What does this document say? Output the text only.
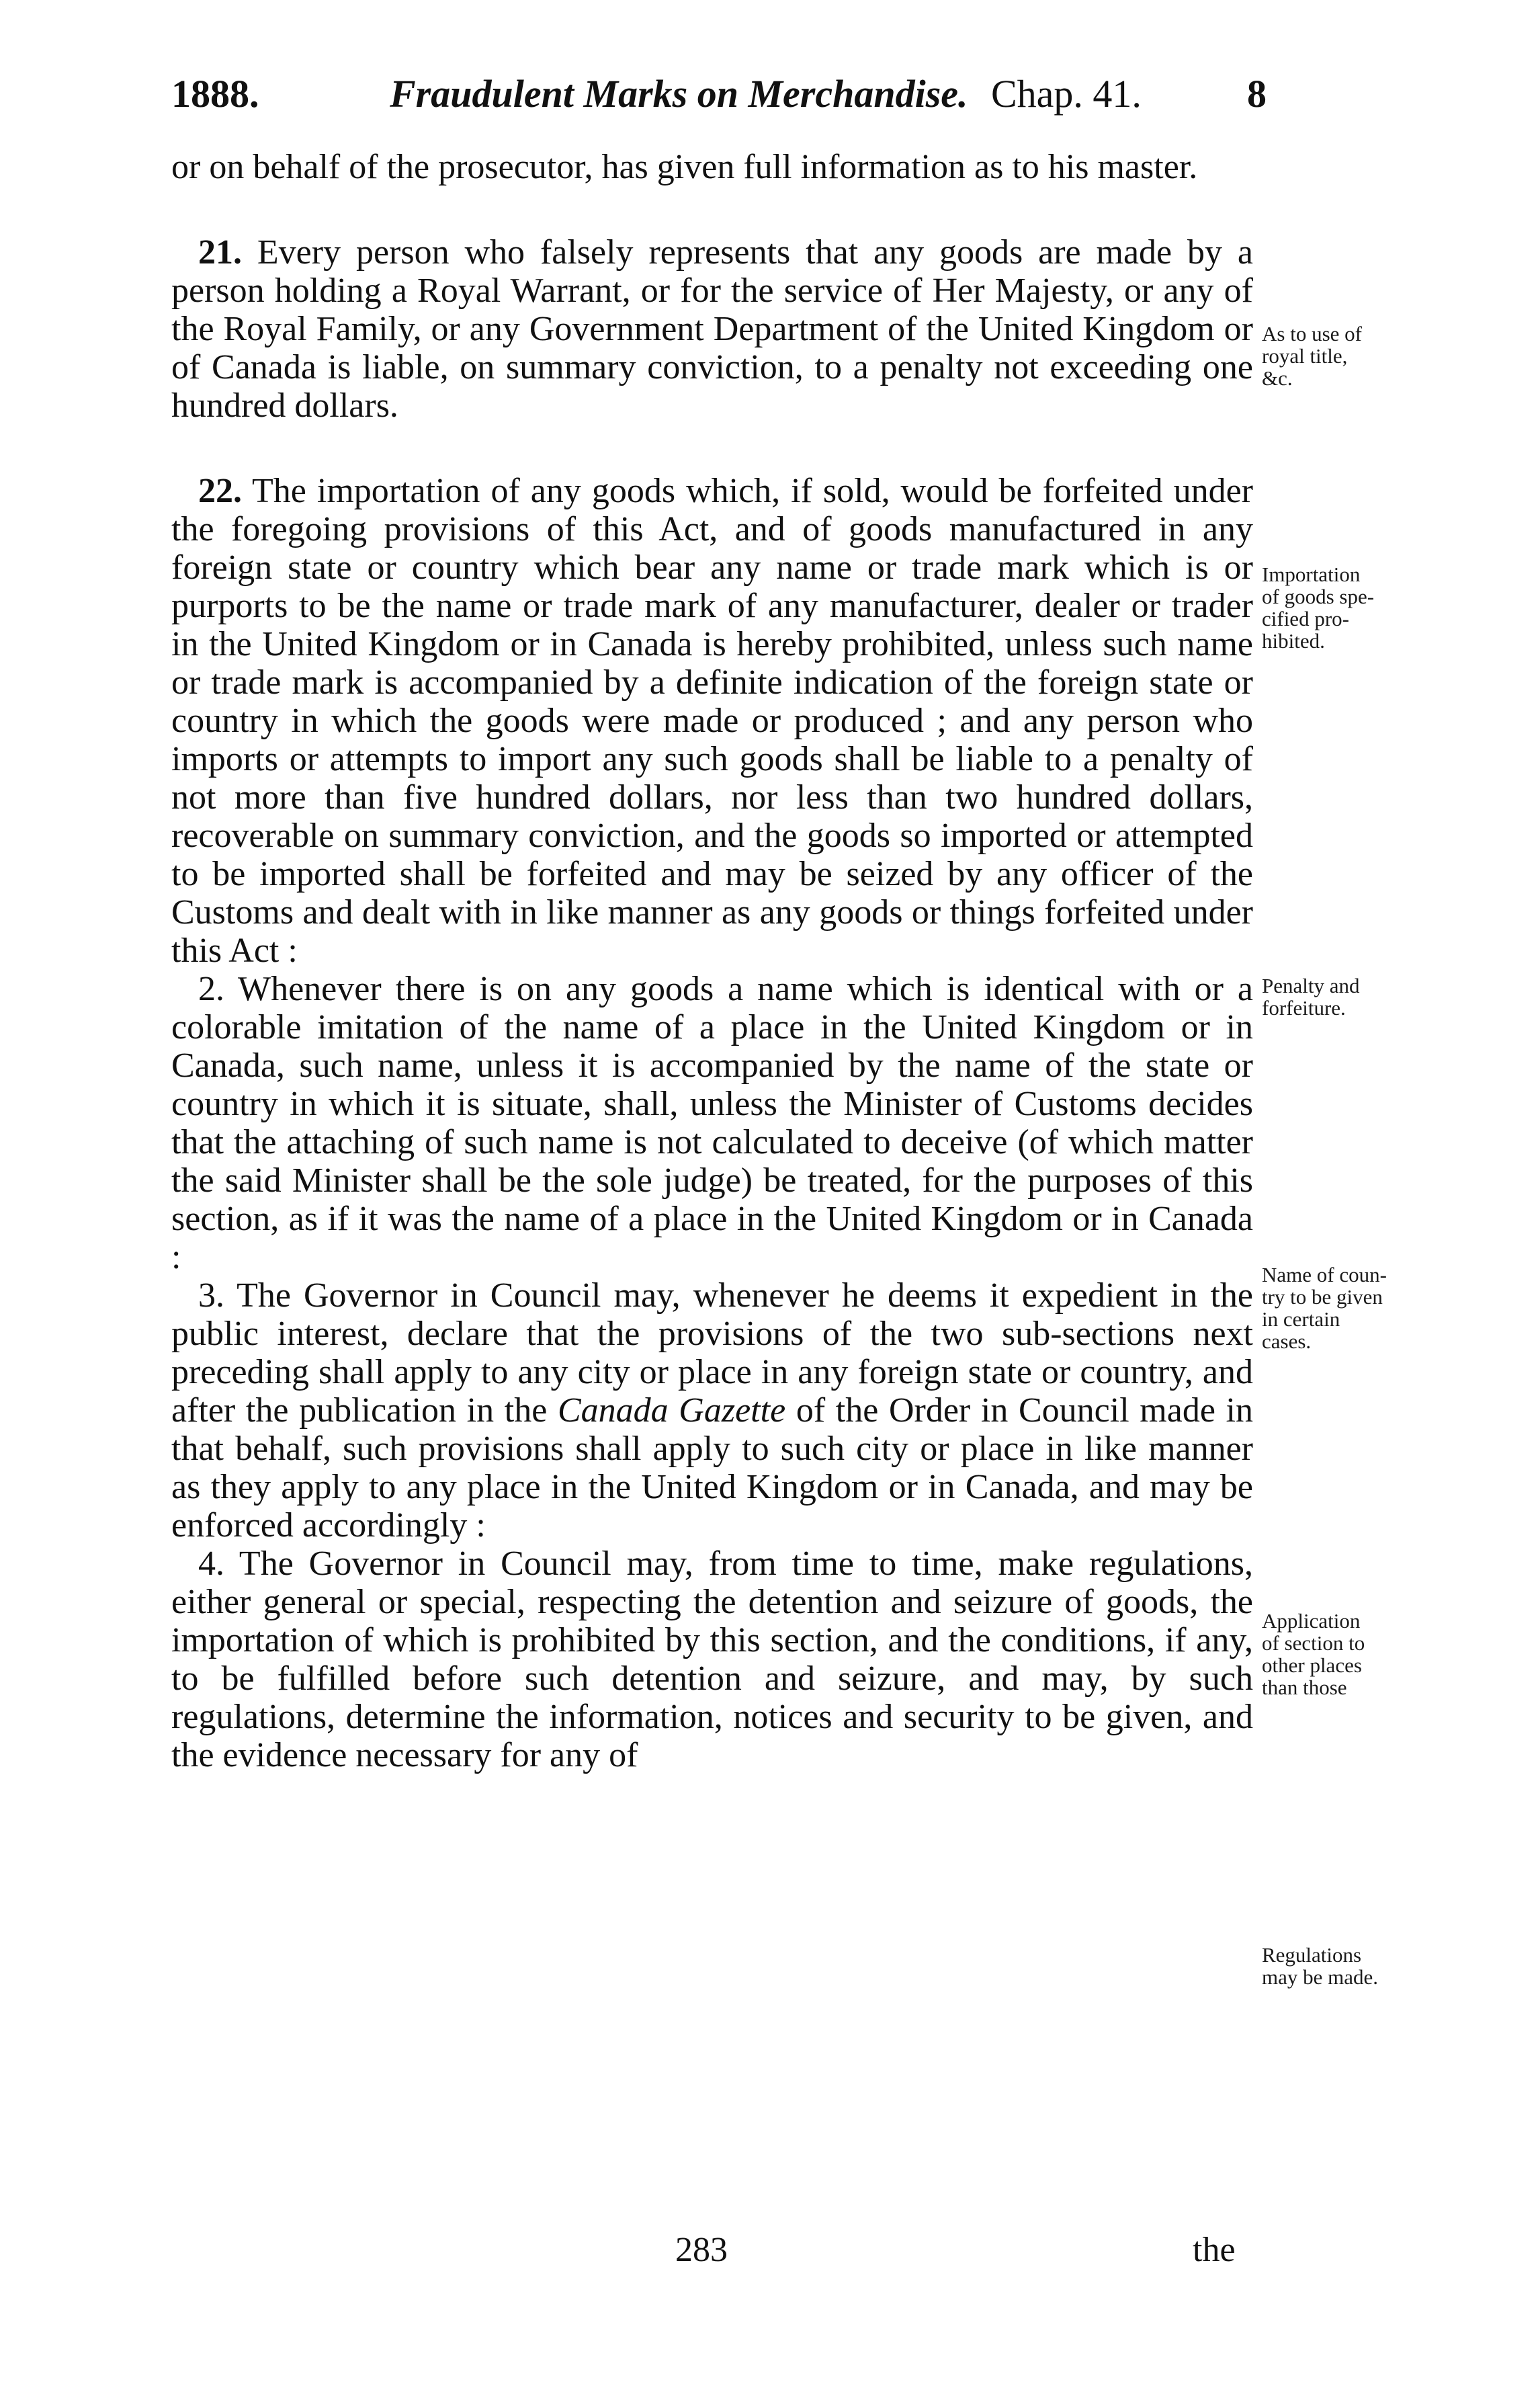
1888.	Fraudulent Marks on Merchandise. Chap. 41.	8

or on behalf of the prosecutor, has given full information as to his master.

21. Every person who falsely represents that any goods are made by a person holding a Royal Warrant, or for the service of Her Majesty, or any of the Royal Family, or any Government Department of the United Kingdom or of Canada is liable, on summary conviction, to a penalty not exceeding one hundred dollars.

22. The importation of any goods which, if sold, would be forfeited under the foregoing provisions of this Act, and of goods manufactured in any foreign state or country which bear any name or trade mark which is or purports to be the name or trade mark of any manufacturer, dealer or trader in the United Kingdom or in Canada is hereby prohibited, unless such name or trade mark is accompanied by a definite indication of the foreign state or country in which the goods were made or produced ; and any person who imports or attempts to import any such goods shall be liable to a penalty of not more than five hundred dollars, nor less than two hundred dollars, recoverable on summary conviction, and the goods so imported or attempted to be imported shall be forfeited and may be seized by any officer of the Customs and dealt with in like manner as any goods or things forfeited under this Act :

2. Whenever there is on any goods a name which is identical with or a colorable imitation of the name of a place in the United Kingdom or in Canada, such name, unless it is accompanied by the name of the state or country in which it is situate, shall, unless the Minister of Customs decides that the attaching of such name is not calculated to deceive (of which matter the said Minister shall be the sole judge) be treated, for the purposes of this section, as if it was the name of a place in the United Kingdom or in Canada :

3. The Governor in Council may, whenever he deems it expedient in the public interest, declare that the provisions of the two sub-sections next preceding shall apply to any city or place in any foreign state or country, and after the publication in the Canada Gazette of the Order in Council made in that behalf, such provisions shall apply to such city or place in like manner as they apply to any place in the United Kingdom or in Canada, and may be enforced accordingly :

4. The Governor in Council may, from time to time, make regulations, either general or special, respecting the detention and seizure of goods, the importation of which is prohibited by this section, and the conditions, if any, to be fulfilled before such detention and seizure, and may, by such regulations, determine the information, notices and security to be given, and the evidence necessary for any of

As to use of
royal title,
&c.
Importation
of goods spe-
cified pro-
hibited.
Penalty and
forfeiture.
Name of coun-
try to be given
in certain
cases.
Application
of section to
other places
than those
Regulations
may be made.
283	the
